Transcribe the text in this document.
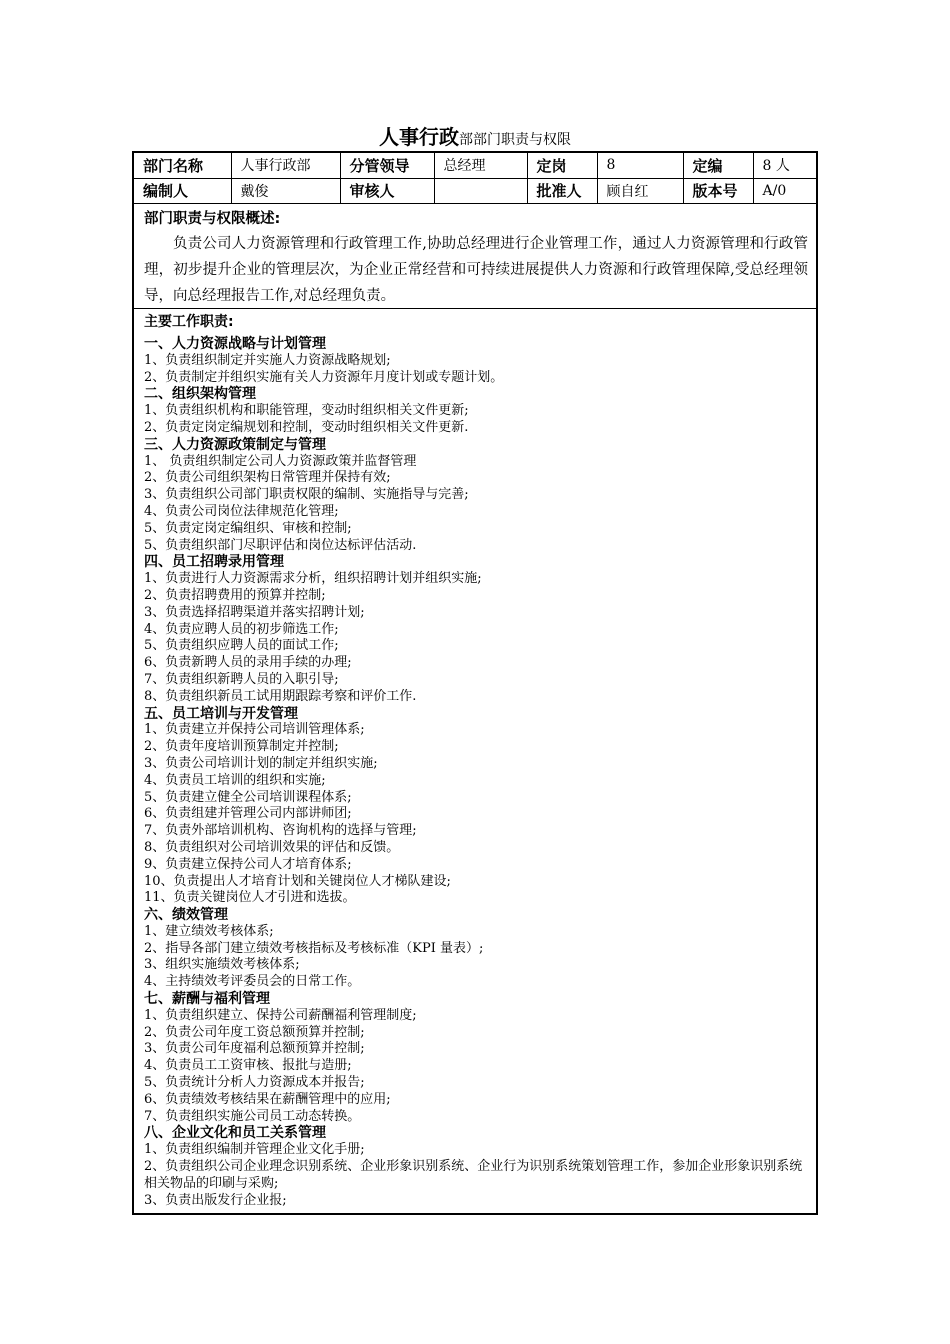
人事行政部部门职责与权限
部门名称	人事行政部	分管领导	总经理	定岗	8	定编	8 人
编制人	戴俊	审核人		批准人	顾自红	版本号	A/0
部门职责与权限概述:
负责公司人力资源管理和行政管理工作,协助总经理进行企业管理工作，通过人力资源管理和行政管理，初步提升企业的管理层次，为企业正常经营和可持续进展提供人力资源和行政管理保障,受总经理领导，向总经理报告工作,对总经理负责。
主要工作职责:
一、人力资源战略与计划管理
1、负责组织制定并实施人力资源战略规划;
2、负责制定并组织实施有关人力资源年月度计划或专题计划。
二、组织架构管理
1、负责组织机构和职能管理，变动时组织相关文件更新;
2、负责定岗定编规划和控制，变动时组织相关文件更新.
三、人力资源政策制定与管理
1、 负责组织制定公司人力资源政策并监督管理
2、负责公司组织架构日常管理并保持有效;
3、负责组织公司部门职责权限的编制、实施指导与完善;
4、负责公司岗位法律规范化管理;
5、负责定岗定编组织、审核和控制;
5、负责组织部门尽职评估和岗位达标评估活动.
四、员工招聘录用管理
1、负责进行人力资源需求分析，组织招聘计划并组织实施;
2、负责招聘费用的预算并控制;
3、负责选择招聘渠道并落实招聘计划;
4、负责应聘人员的初步筛选工作;
5、负责组织应聘人员的面试工作;
6、负责新聘人员的录用手续的办理;
7、负责组织新聘人员的入职引导;
8、负责组织新员工试用期跟踪考察和评价工作.
五、员工培训与开发管理
1、负责建立并保持公司培训管理体系;
2、负责年度培训预算制定并控制;
3、负责公司培训计划的制定并组织实施;
4、负责员工培训的组织和实施;
5、负责建立健全公司培训课程体系;
6、负责组建并管理公司内部讲师团;
7、负责外部培训机构、咨询机构的选择与管理;
8、负责组织对公司培训效果的评估和反馈。
9、负责建立保持公司人才培育体系;
10、负责提出人才培育计划和关键岗位人才梯队建设;
11、负责关键岗位人才引进和选拔。
六、绩效管理
1、建立绩效考核体系;
2、指导各部门建立绩效考核指标及考核标准（KPI 量表）;
3、组织实施绩效考核体系;
4、主持绩效考评委员会的日常工作。
七、薪酬与福利管理
1、负责组织建立、保持公司薪酬福利管理制度;
2、负责公司年度工资总额预算并控制;
3、负责公司年度福利总额预算并控制;
4、负责员工工资审核、报批与造册;
5、负责统计分析人力资源成本并报告;
6、负责绩效考核结果在薪酬管理中的应用;
7、负责组织实施公司员工动态转换。
八、企业文化和员工关系管理
1、负责组织编制并管理企业文化手册;
2、负责组织公司企业理念识别系统、企业形象识别系统、企业行为识别系统策划管理工作，参加企业形象识别系统相关物品的印刷与采购;
3、负责出版发行企业报;
